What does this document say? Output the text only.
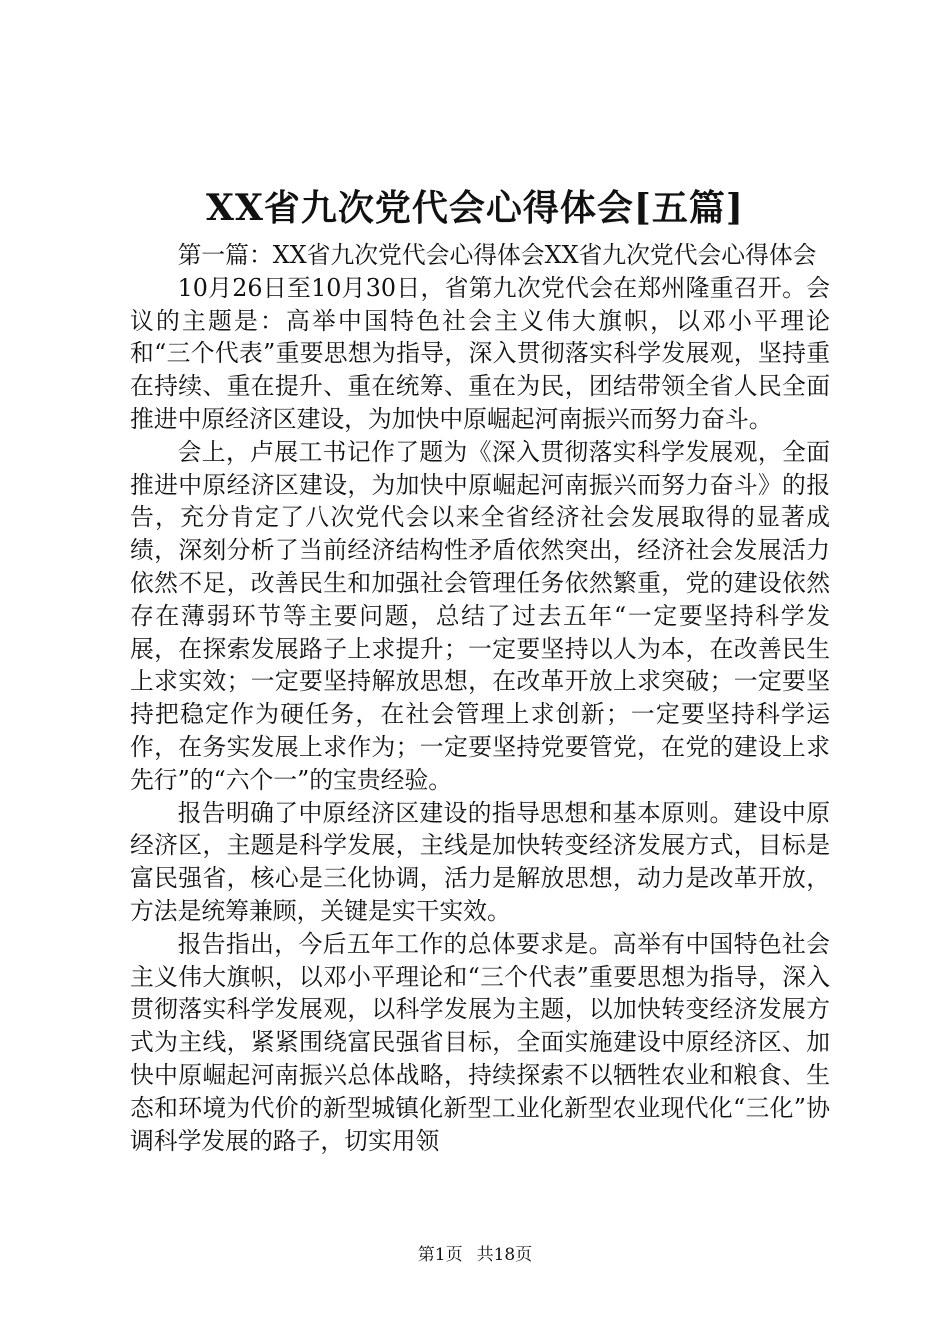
XX省九次党代会心得体会[五篇]

第一篇：XX省九次党代会心得体会XX省九次党代会心得体会

10月26日至10月30日，省第九次党代会在郑州隆重召开。会议的主题是：高举中国特色社会主义伟大旗帜，以邓小平理论和“三个代表”重要思想为指导，深入贯彻落实科学发展观，坚持重在持续、重在提升、重在统筹、重在为民，团结带领全省人民全面推进中原经济区建设，为加快中原崛起河南振兴而努力奋斗。

会上，卢展工书记作了题为《深入贯彻落实科学发展观，全面推进中原经济区建设，为加快中原崛起河南振兴而努力奋斗》的报告，充分肯定了八次党代会以来全省经济社会发展取得的显著成绩，深刻分析了当前经济结构性矛盾依然突出，经济社会发展活力依然不足，改善民生和加强社会管理任务依然繁重，党的建设依然存在薄弱环节等主要问题，总结了过去五年“一定要坚持科学发展，在探索发展路子上求提升；一定要坚持以人为本，在改善民生上求实效；一定要坚持解放思想，在改革开放上求突破；一定要坚持把稳定作为硬任务，在社会管理上求创新；一定要坚持科学运作，在务实发展上求作为；一定要坚持党要管党，在党的建设上求先行”的“六个一”的宝贵经验。

报告明确了中原经济区建设的指导思想和基本原则。建设中原经济区，主题是科学发展，主线是加快转变经济发展方式，目标是富民强省，核心是三化协调，活力是解放思想，动力是改革开放，方法是统筹兼顾，关键是实干实效。

报告指出，今后五年工作的总体要求是。高举有中国特色社会主义伟大旗帜，以邓小平理论和“三个代表”重要思想为指导，深入贯彻落实科学发展观，以科学发展为主题，以加快转变经济发展方式为主线，紧紧围绕富民强省目标，全面实施建设中原经济区、加快中原崛起河南振兴总体战略，持续探索不以牺牲农业和粮食、生态和环境为代价的新型城镇化新型工业化新型农业现代化“三化”协调科学发展的路子，切实用领

第1页 共18页
